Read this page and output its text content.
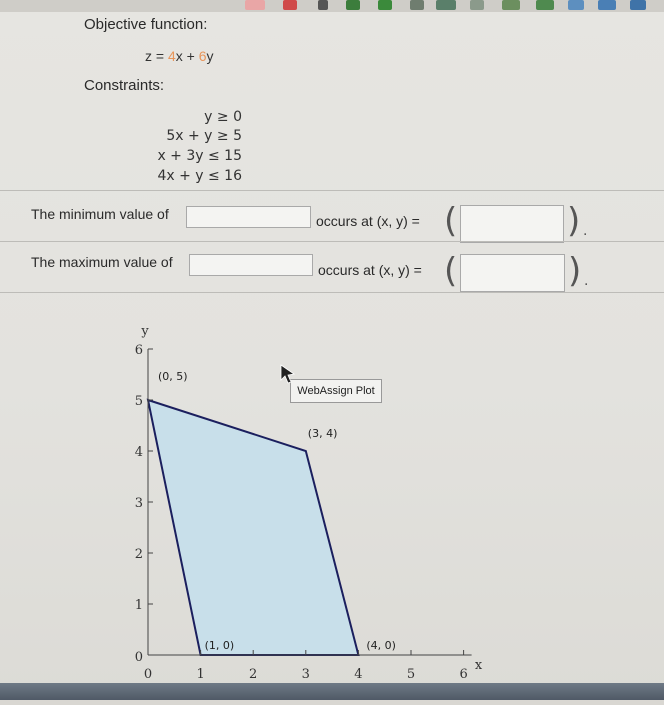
Objective function:
z = 4x + 6y
Constraints:
y ≥ 0
5x + y ≥ 5
x + 3y ≤ 15
4x + y ≤ 16
The minimum value of	occurs at (x, y) = (	) .
The maximum value of	occurs at (x, y) = (	) .
0	1	2	3	4	5	6
0
1
2
3
4
5
6
y
x
(0, 5)
(3, 4)
(4, 0)
(1, 0)
WebAssign Plot
